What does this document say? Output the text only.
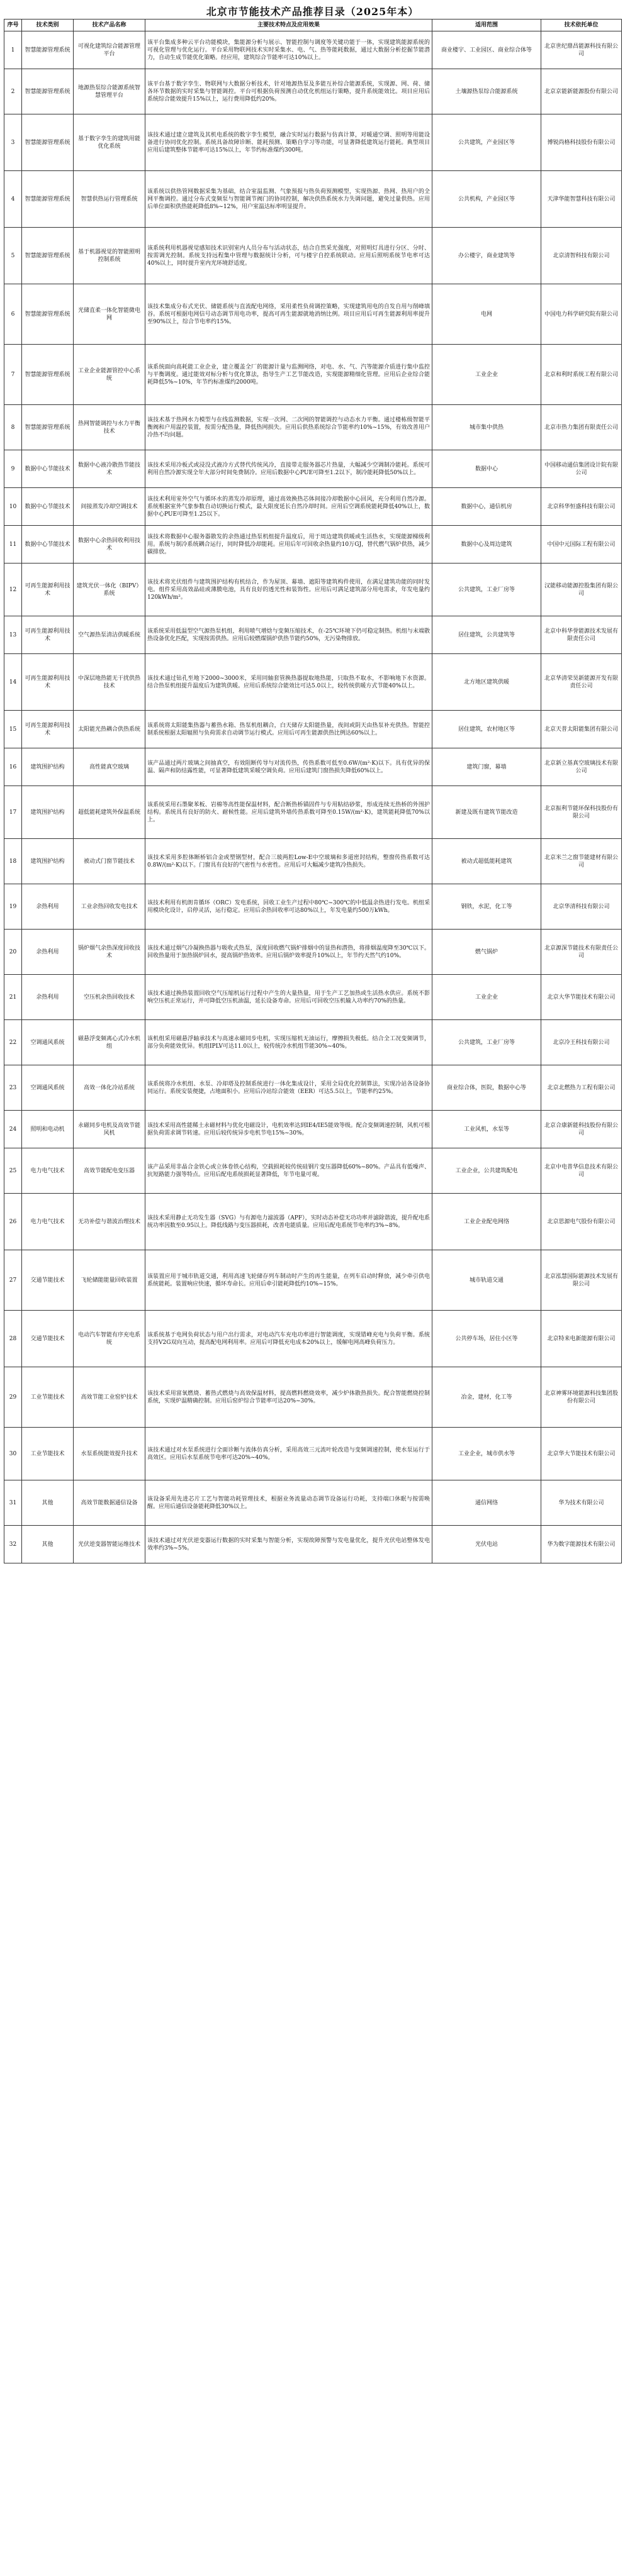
北京市节能技术产品推荐目录（2025年本）
序号	技术类别	技术产品名称	主要技术特点及应用效果	适用范围	技术依托单位
1	智慧能源管理系统	可视化建筑综合能源管理平台	该平台集成多种云平台功能模块，集能源分析与展示、智能控制与调度等关键功能于一体，实现建筑能源系统的可视化管理与优化运行。平台采用物联网技术实时采集水、电、气、热等能耗数据，通过大数据分析挖掘节能潜力，自动生成节能优化策略。经应用，建筑综合节能率可达10%以上。	商业楼宇、工业园区、商业综合体等	北京世纪鼎昌能源科技有限公司
2	智慧能源管理系统	地源热泵综合能源系统智慧管理平台	该平台基于数字孪生、物联网与大数据分析技术，针对地源热泵及多能互补综合能源系统，实现源、网、荷、储各环节数据的实时采集与智能调控。平台可根据负荷预测自动优化机组运行策略，提升系统能效比。项目应用后系统综合能效提升15%以上，运行费用降低约20%。	土壤源热泵综合能源系统	北京京能新能源股份有限公司
3	智慧能源管理系统	基于数字孪生的建筑用能优化系统	该技术通过建立建筑及其机电系统的数字孪生模型，融合实时运行数据与仿真计算，对暖通空调、照明等用能设备进行协同优化控制。系统具备故障诊断、能耗预测、策略自学习等功能，可显著降低建筑运行能耗。典型项目应用后建筑整体节能率可达15%以上，年节约标准煤约300吨。	公共建筑，产业园区等	博锐尚格科技股份有限公司
4	智慧能源管理系统	智慧供热运行管理系统	该系统以供热管网数据采集为基础，结合室温监测、气象预报与热负荷预测模型，实现热源、热网、热用户的全网平衡调控。通过分布式变频泵与智能调节阀门的协同控制，解决供热系统水力失调问题，避免过量供热。应用后单位面积供热能耗降低8%~12%，用户室温达标率明显提升。	公共机构，产业园区等	天津华能智慧科技有限公司
5	智慧能源管理系统	基于机器视觉的智能照明控制系统	该系统利用机器视觉感知技术识别室内人员分布与活动状态，结合自然采光强度，对照明灯具进行分区、分时、按需调光控制。系统支持远程集中管理与数据统计分析，可与楼宇自控系统联动。应用后照明系统节电率可达40%以上，同时提升室内光环境舒适度。	办公楼宇，商业建筑等	北京清智科技有限公司
6	智慧能源管理系统	光储直柔一体化智能微电网	该技术集成分布式光伏、储能系统与直流配电网络，采用柔性负荷调控策略，实现建筑用电的自发自用与削峰填谷。系统可根据电网信号动态调节用电功率，提高可再生能源就地消纳比例。项目应用后可再生能源利用率提升至90%以上，综合节电率约15%。	电网	中国电力科学研究院有限公司
7	智慧能源管理系统	工业企业能源管控中心系统	该系统面向高耗能工业企业，建立覆盖全厂的能源计量与监测网络，对电、水、气、汽等能源介质进行集中监控与平衡调度。通过能效对标分析与优化算法，指导生产工艺节能改造，实现能源精细化管理。应用后企业综合能耗降低5%~10%，年节约标准煤约2000吨。	工业企业	北京和利时系统工程有限公司
8	智慧能源管理系统	热网智能调控与水力平衡技术	该技术基于热网水力模型与在线监测数据，实现一次网、二次网的智能调控与动态水力平衡。通过楼栋级智能平衡阀和户用温控装置，按需分配热量，降低热网损失。应用后供热系统综合节能率约10%~15%，有效改善用户冷热不均问题。	城市集中供热	北京市热力集团有限责任公司
9	数据中心节能技术	数据中心液冷散热节能技术	该技术采用冷板式或浸没式液冷方式替代传统风冷，直接带走服务器芯片热量，大幅减少空调制冷能耗。系统可利用自然冷源实现全年大部分时间免费制冷。应用后数据中心PUE可降至1.2以下，制冷能耗降低50%以上。	数据中心	中国移动通信集团设计院有限公司
10	数据中心节能技术	间接蒸发冷却空调技术	该技术利用室外空气与循环水的蒸发冷却原理，通过高效换热芯体间接冷却数据中心回风，充分利用自然冷源。系统根据室外气象参数自动切换运行模式，最大限度延长自然冷却时间。应用后空调系统能耗降低40%以上，数据中心PUE可降至1.25以下。	数据中心，通信机房	北京科华恒盛科技有限公司
11	数据中心节能技术	数据中心余热回收利用技术	该技术将数据中心服务器散发的余热通过热泵机组提升温度后，用于周边建筑供暖或生活热水，实现能源梯级利用。系统与制冷系统耦合运行，同时降低冷却能耗。应用后年可回收余热量约10万GJ，替代燃气锅炉供热，减少碳排放。	数据中心及周边建筑	中国中元国际工程有限公司
12	可再生能源利用技术	建筑光伏一体化（BIPV）系统	该技术将光伏组件与建筑围护结构有机结合，作为屋顶、幕墙、遮阳等建筑构件使用，在满足建筑功能的同时发电。组件采用高效晶硅或薄膜电池，具有良好的透光性和装饰性。应用后可满足建筑部分用电需求，年发电量约120kWh/m²。	公共建筑，工业厂房等	汉能移动能源控股集团有限公司
13	可再生能源利用技术	空气源热泵清洁供暖系统	该系统采用低温型空气源热泵机组，利用喷气增焓与变频压缩技术，在-25℃环境下仍可稳定制热。机组与末端散热设备优化匹配，实现按需供热。应用后较燃煤锅炉供热节能约50%，无污染物排放。	居住建筑，公共建筑等	北京中科华誉能源技术发展有限责任公司
14	可再生能源利用技术	中深层地热能无干扰供热技术	该技术通过钻孔至地下2000~3000米，采用同轴套管换热器提取地热能，只取热不取水，不影响地下水资源。结合热泵机组提升温度后为建筑供暖。应用后系统综合能效比可达5.0以上，较传统供暖方式节能40%以上。	北方地区建筑供暖	北京华清荣昊新能源开发有限责任公司
15	可再生能源利用技术	太阳能光热耦合供热系统	该系统将太阳能集热器与蓄热水箱、热泵机组耦合，白天储存太阳能热量，夜间或阴天由热泵补充供热。智能控制系统根据太阳辐照与负荷需求自动调节运行模式。应用后可再生能源供热比例达60%以上。	居住建筑，农村地区等	北京天普太阳能集团有限公司
16	建筑围护结构	高性能真空玻璃	该产品通过两片玻璃之间抽真空，有效阻断传导与对流传热，传热系数可低至0.6W/(m²·K)以下。具有优异的保温、隔声和防结露性能，可显著降低建筑采暖空调负荷。应用后建筑门窗热损失降低60%以上。	建筑门窗，幕墙	北京新立基真空玻璃技术有限公司
17	建筑围护结构	超低能耗建筑外保温系统	该系统采用石墨聚苯板、岩棉等高性能保温材料，配合断热桥锚固件与专用粘结砂浆，形成连续无热桥的外围护结构。系统具有良好的防火、耐候性能。应用后建筑外墙传热系数可降至0.15W/(m²·K)，建筑能耗降低70%以上。	新建及既有建筑节能改造	北京振利节能环保科技股份有限公司
18	建筑围护结构	被动式门窗节能技术	该技术采用多腔体断桥铝合金或塑钢型材，配合三玻两腔Low-E中空玻璃和多道密封结构，整窗传热系数可达0.8W/(m²·K)以下。门窗具有良好的气密性与水密性。应用后可大幅减少建筑冷热损失。	被动式超低能耗建筑	北京米兰之窗节能建材有限公司
19	余热利用	工业余热回收发电技术	该技术利用有机朗肯循环（ORC）发电系统，回收工业生产过程中80℃~300℃的中低温余热进行发电。机组采用模块化设计，启停灵活，运行稳定。应用后余热回收率可达80%以上，年发电量约500万kWh。	钢铁，水泥，化工等	北京华清科技有限公司
20	余热利用	锅炉烟气余热深度回收技术	该技术通过烟气冷凝换热器与吸收式热泵，深度回收燃气锅炉排烟中的显热和潜热，将排烟温度降至30℃以下。回收热量用于加热锅炉回水，提高锅炉热效率。应用后锅炉效率提升10%以上，年节约天然气约10%。	燃气锅炉	北京源深节能技术有限责任公司
21	余热利用	空压机余热回收技术	该技术通过换热装置回收空气压缩机运行过程中产生的大量热量，用于生产工艺加热或生活热水供应。系统不影响空压机正常运行，并可降低空压机油温，延长设备寿命。应用后可回收空压机输入功率约70%的热量。	工业企业	北京大华节能技术有限公司
22	空调通风系统	磁悬浮变频离心式冷水机组	该机组采用磁悬浮轴承技术与高速永磁同步电机，实现压缩机无油运行，摩擦损失极低。结合全工况变频调节，部分负荷能效优异。机组IPLV可达11.0以上，较传统冷水机组节能30%~40%。	公共建筑，工业厂房等	北京冷王科技有限公司
23	空调通风系统	高效一体化冷站系统	该系统将冷水机组、水泵、冷却塔及控制系统进行一体化集成设计，采用全局优化控制算法，实现冷站各设备协同运行。系统安装便捷，占地面积小。应用后冷站综合能效（EER）可达5.5以上，节能率约25%。	商业综合体，医院，数据中心等	北京北燃热力工程有限公司
24	照明和电动机	永磁同步电机及高效节能风机	该技术采用高性能稀土永磁材料与优化电磁设计，电机效率达到IE4/IE5能效等级。配合变频调速控制，风机可根据负荷需求调节转速。应用后较传统异步电机节电15%~30%。	工业风机，水泵等	北京合康新能科技股份有限公司
25	电力电气技术	高效节能配电变压器	该产品采用非晶合金铁心或立体卷铁心结构，空载损耗较传统硅钢片变压器降低60%~80%。产品具有低噪声、抗短路能力强等特点。应用后配电系统损耗显著降低，年节电量可观。	工业企业，公共建筑配电	北京中电普华信息技术有限公司
26	电力电气技术	无功补偿与谐波治理技术	该技术采用静止无功发生器（SVG）与有源电力滤波器（APF），实时动态补偿无功功率并滤除谐波，提升配电系统功率因数至0.95以上。降低线路与变压器损耗，改善电能质量。应用后配电系统节电率约3%~8%。	工业企业配电网络	北京思源电气股份有限公司
27	交通节能技术	飞轮储能能量回收装置	该装置应用于城市轨道交通，利用高速飞轮储存列车制动时产生的再生能量，在列车启动时释放，减少牵引供电系统能耗。装置响应快速，循环寿命长。应用后牵引能耗降低约10%~15%。	城市轨道交通	北京泓慧国际能源技术发展有限公司
28	交通节能技术	电动汽车智能有序充电系统	该系统基于电网负荷状态与用户出行需求，对电动汽车充电功率进行智能调度，实现错峰充电与负荷平衡。系统支持V2G双向互动，提高配电网利用率。应用后可降低充电成本20%以上，缓解电网高峰负荷压力。	公共停车场，居住小区等	北京特来电新能源有限公司
29	工业节能技术	高效节能工业窑炉技术	该技术采用富氧燃烧、蓄热式燃烧与高效保温材料，提高燃料燃烧效率，减少炉体散热损失。配合智能燃烧控制系统，实现炉温精确控制。应用后窑炉综合节能率可达20%~30%。	冶金，建材，化工等	北京神雾环境能源科技集团股份有限公司
30	工业节能技术	水泵系统能效提升技术	该技术通过对水泵系统进行全面诊断与流体仿真分析，采用高效三元流叶轮改造与变频调速控制，使水泵运行于高效区。应用后水泵系统节电率可达20%~40%。	工业企业，城市供水等	北京华大节能技术有限公司
31	其他	高效节能数据通信设备	该设备采用先进芯片工艺与智能功耗管理技术，根据业务流量动态调节设备运行功耗，支持端口休眠与按需唤醒。应用后通信设备能耗降低30%以上。	通信网络	华为技术有限公司
32	其他	光伏逆变器智能运维技术	该技术通过对光伏逆变器运行数据的实时采集与智能分析，实现故障预警与发电量优化，提升光伏电站整体发电效率约3%~5%。	光伏电站	华为数字能源技术有限公司
